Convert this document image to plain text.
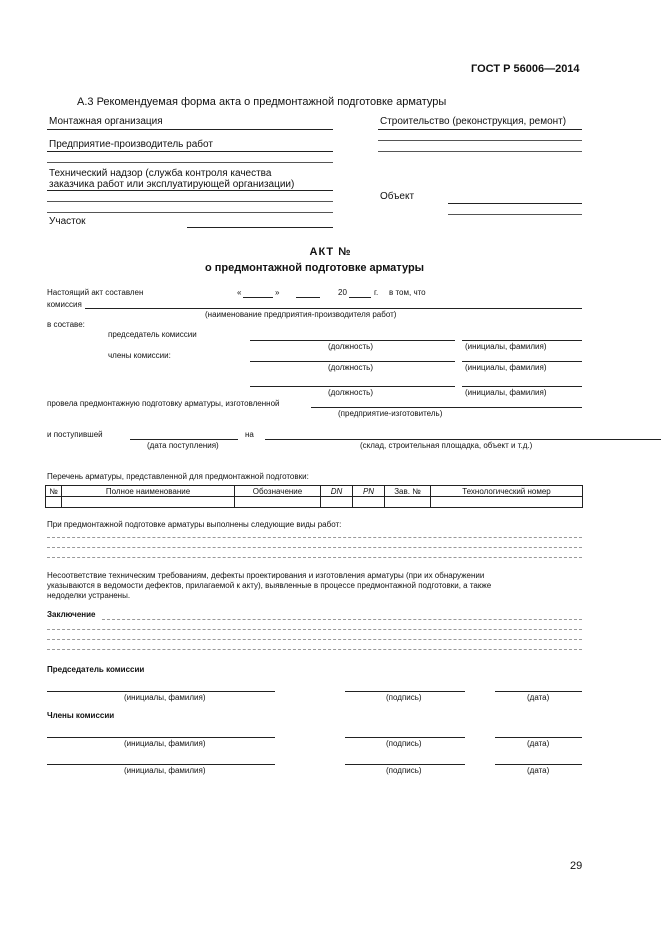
ГОСТ Р 56006—2014
А.3 Рекомендуемая форма акта о предмонтажной подготовке арматуры
Монтажная организация
Предприятие-производитель работ
Технический надзор (служба контроля качества
заказчика работ или эксплуатирующей организации)
Участок
Строительство (реконструкция, ремонт)
Объект
АКТ №
о предмонтажной подготовке арматуры
Настоящий акт составлен	«	»	20	г. в том, что
комиссия
(наименование предприятия-производителя работ)
в составе:
председатель комиссии
(должность)	(инициалы, фамилия)
члены комиссии:
(должность)	(инициалы, фамилия)
(должность)	(инициалы, фамилия)
провела предмонтажную подготовку арматуры, изготовленной
(предприятие-изготовитель)
и поступившей	на
(дата поступления)	(склад, строительная площадка, объект и т.д.)
Перечень арматуры, представленной для предмонтажной подготовки:
№	Полное наименование	Обозначение	DN	PN	Зав. №	Технологический номер

При предмонтажной подготовке арматуры выполнены следующие виды работ:
Несоответствие техническим требованиям, дефекты проектирования и изготовления арматуры (при их обнаружении
указываются в ведомости дефектов, прилагаемой к акту), выявленные в процессе предмонтажной подготовки, а также
недоделки устранены.
Заключение
Председатель комиссии
(инициалы, фамилия)	(подпись)	(дата)
Члены комиссии
(инициалы, фамилия)	(подпись)	(дата)
(инициалы, фамилия)	(подпись)	(дата)
29
